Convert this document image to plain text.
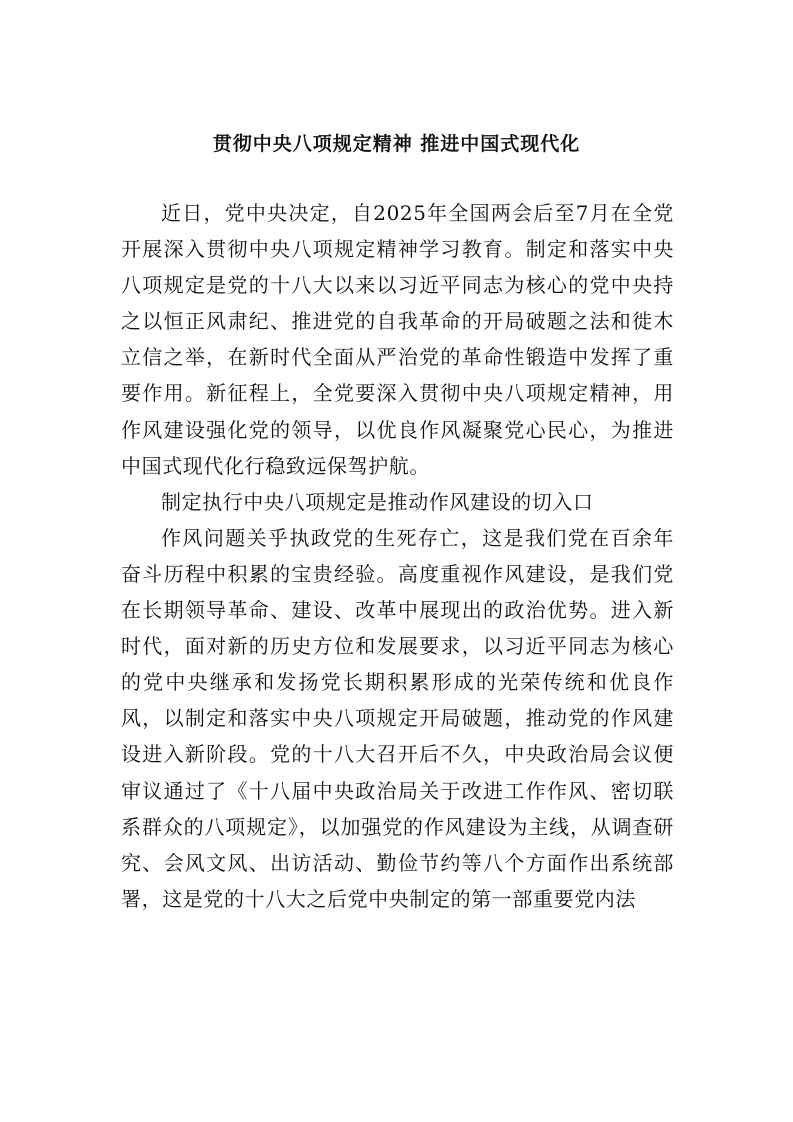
贯彻中央八项规定精神 推进中国式现代化

近日，党中央决定，自2025年全国两会后至7月在全党开展深入贯彻中央八项规定精神学习教育。制定和落实中央八项规定是党的十八大以来以习近平同志为核心的党中央持之以恒正风肃纪、推进党的自我革命的开局破题之法和徙木立信之举，在新时代全面从严治党的革命性锻造中发挥了重要作用。新征程上，全党要深入贯彻中央八项规定精神，用作风建设强化党的领导，以优良作风凝聚党心民心，为推进中国式现代化行稳致远保驾护航。

制定执行中央八项规定是推动作风建设的切入口

作风问题关乎执政党的生死存亡，这是我们党在百余年奋斗历程中积累的宝贵经验。高度重视作风建设，是我们党在长期领导革命、建设、改革中展现出的政治优势。进入新时代，面对新的历史方位和发展要求，以习近平同志为核心的党中央继承和发扬党长期积累形成的光荣传统和优良作风，以制定和落实中央八项规定开局破题，推动党的作风建设进入新阶段。党的十八大召开后不久，中央政治局会议便审议通过了《十八届中央政治局关于改进工作作风、密切联系群众的八项规定》，以加强党的作风建设为主线，从调查研究、会风文风、出访活动、勤俭节约等八个方面作出系统部署，这是党的十八大之后党中央制定的第一部重要党内法
